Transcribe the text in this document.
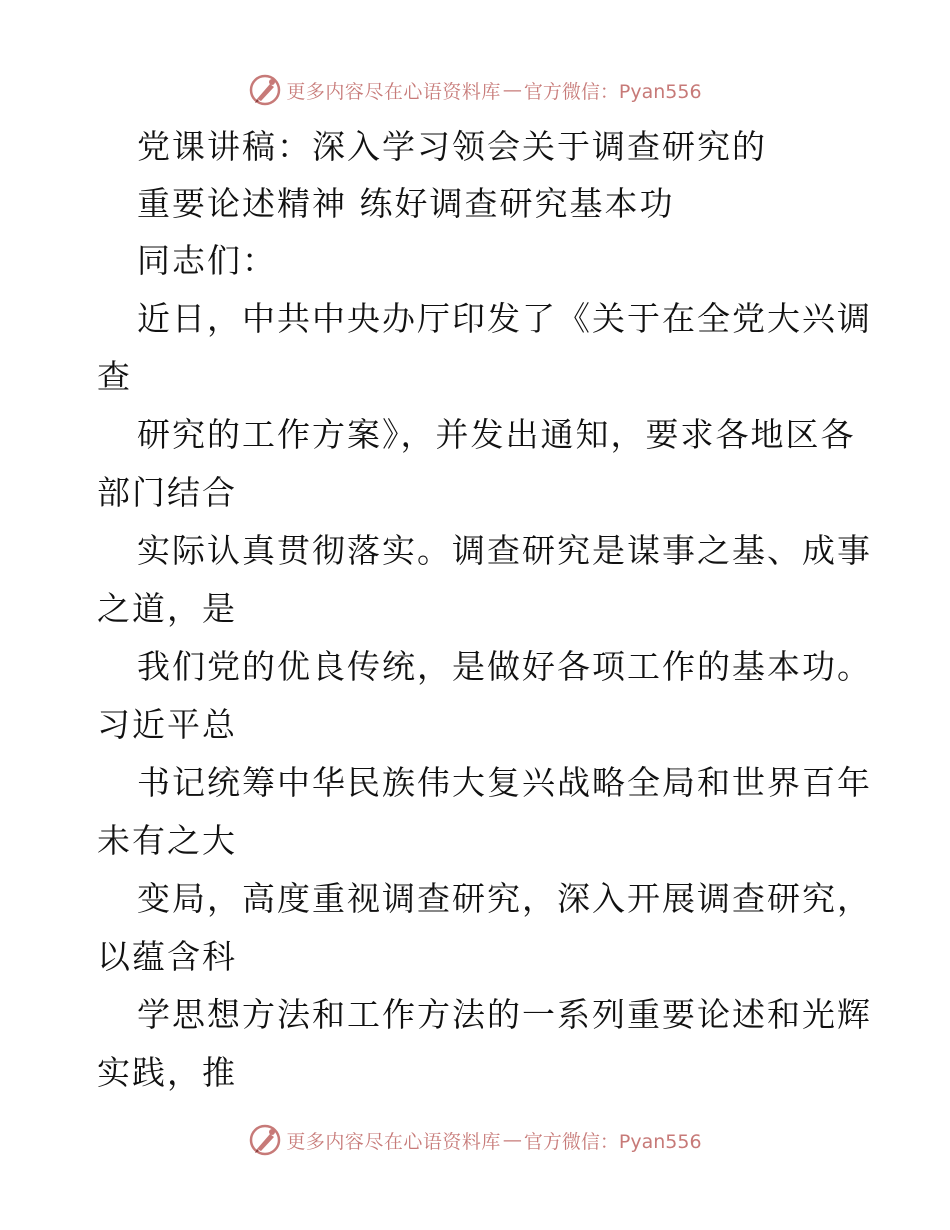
更多内容尽在心语资料库 — 官方微信：Pyan556
党课讲稿：深入学习领会关于调查研究的
重要论述精神 练好调查研究基本功
同志们：
近日，中共中央办厅印发了《关于在全党大兴调
查
研究的工作方案》，并发出通知，要求各地区各
部门结合
实际认真贯彻落实。调查研究是谋事之基、成事
之道，是
我们党的优良传统，是做好各项工作的基本功。
习近平总
书记统筹中华民族伟大复兴战略全局和世界百年
未有之大
变局，高度重视调查研究，深入开展调查研究，
以蕴含科
学思想方法和工作方法的一系列重要论述和光辉
实践，推
更多内容尽在心语资料库 — 官方微信：Pyan556
